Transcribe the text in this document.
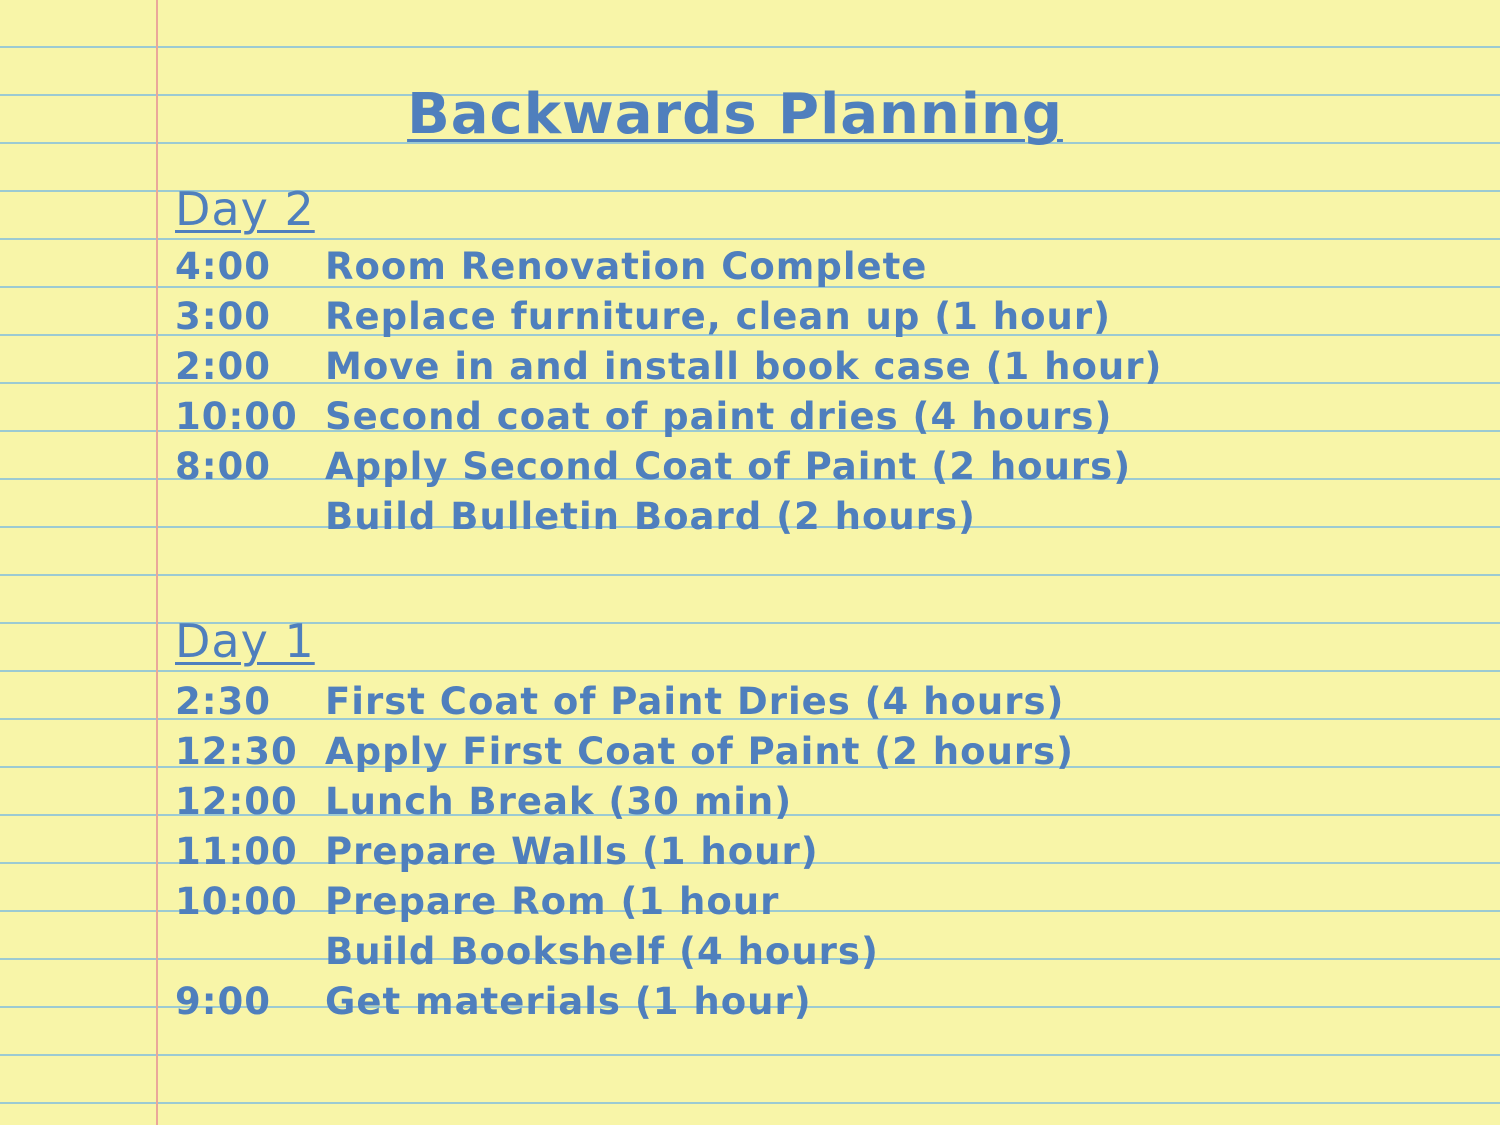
Backwards Planning
Day 2
4:00	Room Renovation Complete
3:00	Replace furniture, clean up (1 hour)
2:00	Move in and install book case (1 hour)
10:00 Second coat of paint dries (4 hours)
8:00	Apply Second Coat of Paint (2 hours)
Build Bulletin Board (2 hours)
Day 1
2:30	First Coat of Paint Dries (4 hours)
12:30 Apply First Coat of Paint (2 hours)
12:00 Lunch Break (30 min)
11:00 Prepare Walls (1 hour)
10:00 Prepare Rom (1 hour
Build Bookshelf (4 hours)
9:00	Get materials (1 hour)
